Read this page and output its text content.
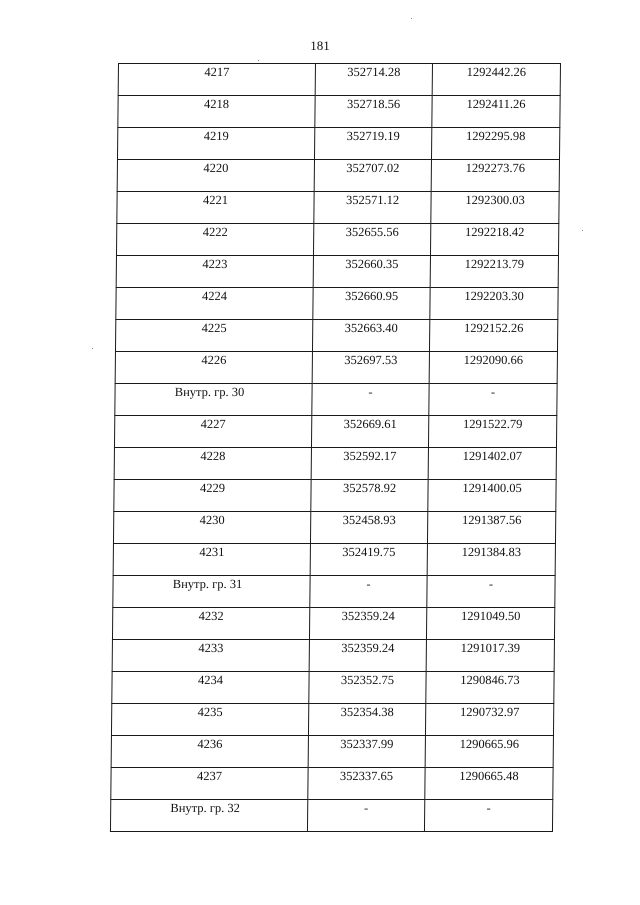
181
4217	352714.28	1292442.26
4218	352718.56	1292411.26
4219	352719.19	1292295.98
4220	352707.02	1292273.76
4221	352571.12	1292300.03
4222	352655.56	1292218.42
4223	352660.35	1292213.79
4224	352660.95	1292203.30
4225	352663.40	1292152.26
4226	352697.53	1292090.66
Внутр. гр. 30	-	-
4227	352669.61	1291522.79
4228	352592.17	1291402.07
4229	352578.92	1291400.05
4230	352458.93	1291387.56
4231	352419.75	1291384.83
Внутр. гр. 31	-	-
4232	352359.24	1291049.50
4233	352359.24	1291017.39
4234	352352.75	1290846.73
4235	352354.38	1290732.97
4236	352337.99	1290665.96
4237	352337.65	1290665.48
Внутр. гр. 32	-	-
